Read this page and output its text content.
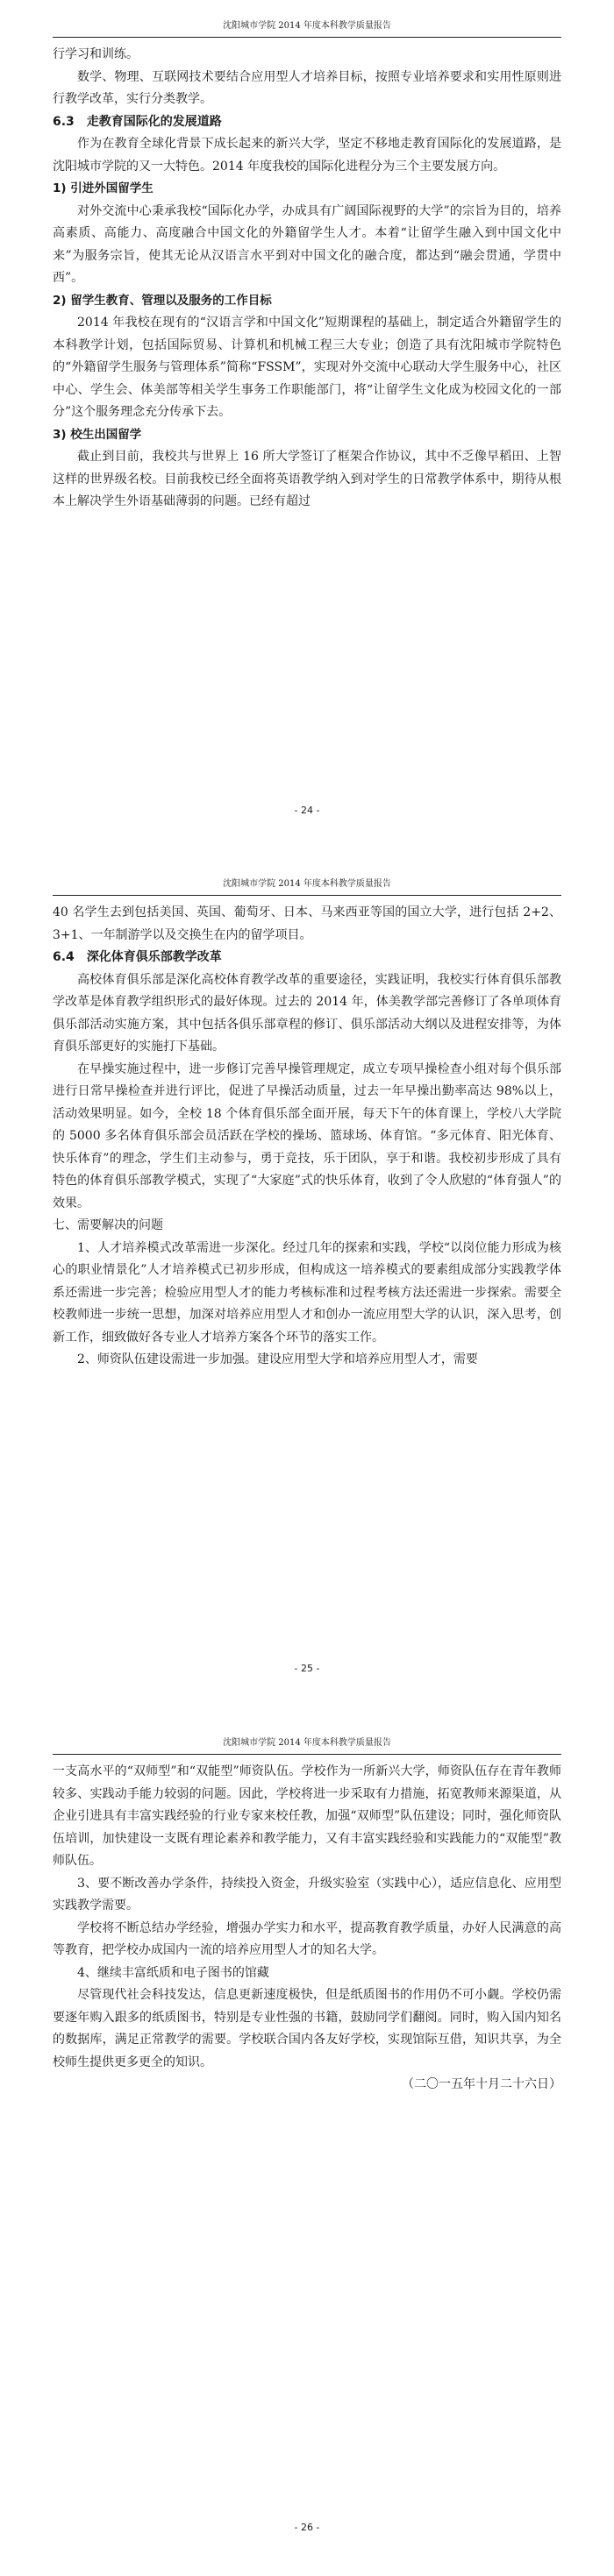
沈阳城市学院 2014 年度本科教学质量报告

行学习和训练。

数学、物理、互联网技术要结合应用型人才培养目标，按照专业培养要求和实用性原则进行教学改革，实行分类教学。

6.3 走教育国际化的发展道路

作为在教育全球化背景下成长起来的新兴大学，坚定不移地走教育国际化的发展道路，是沈阳城市学院的又一大特色。2014 年度我校的国际化进程分为三个主要发展方向。

1) 引进外国留学生

对外交流中心秉承我校“国际化办学，办成具有广阔国际视野的大学”的宗旨为目的，培养高素质、高能力、高度融合中国文化的外籍留学生人才。本着“让留学生融入到中国文化中来”为服务宗旨，使其无论从汉语言水平到对中国文化的融合度，都达到“融会贯通，学贯中西”。

2) 留学生教育、管理以及服务的工作目标

2014 年我校在现有的“汉语言学和中国文化”短期课程的基础上，制定适合外籍留学生的本科教学计划，包括国际贸易、计算机和机械工程三大专业；创造了具有沈阳城市学院特色的“外籍留学生服务与管理体系”简称“FSSM”，实现对外交流中心联动大学生服务中心，社区中心、学生会、体美部等相关学生事务工作职能部门，将“让留学生文化成为校园文化的一部分”这个服务理念充分传承下去。

3) 校生出国留学

截止到目前，我校共与世界上 16 所大学签订了框架合作协议，其中不乏像早稻田、上智这样的世界级名校。目前我校已经全面将英语教学纳入到对学生的日常教学体系中，期待从根本上解决学生外语基础薄弱的问题。已经有超过

- 24 -
沈阳城市学院 2014 年度本科教学质量报告

40 名学生去到包括美国、英国、葡萄牙、日本、马来西亚等国的国立大学，进行包括 2+2、3+1、一年制游学以及交换生在内的留学项目。

6.4 深化体育俱乐部教学改革

高校体育俱乐部是深化高校体育教学改革的重要途径，实践证明，我校实行体育俱乐部教学改革是体育教学组织形式的最好体现。过去的 2014 年，体美教学部完善修订了各单项体育俱乐部活动实施方案，其中包括各俱乐部章程的修订、俱乐部活动大纲以及进程安排等，为体育俱乐部更好的实施打下基础。

在早操实施过程中，进一步修订完善早操管理规定，成立专项早操检查小组对每个俱乐部进行日常早操检查并进行评比，促进了早操活动质量，过去一年早操出勤率高达 98%以上，活动效果明显。如今，全校 18 个体育俱乐部全面开展，每天下午的体育课上，学校八大学院的 5000 多名体育俱乐部会员活跃在学校的操场、篮球场、体育馆。“多元体育、阳光体育、快乐体育”的理念，学生们主动参与，勇于竞技，乐于团队，享于和谐。我校初步形成了具有特色的体育俱乐部教学模式，实现了“大家庭”式的快乐体育，收到了令人欣慰的“体育强人”的效果。

七、需要解决的问题

1、人才培养模式改革需进一步深化。经过几年的探索和实践，学校“以岗位能力形成为核心的职业情景化”人才培养模式已初步形成，但构成这一培养模式的要素组成部分实践教学体系还需进一步完善；检验应用型人才的能力考核标准和过程考核方法还需进一步探索。需要全校教师进一步统一思想，加深对培养应用型人才和创办一流应用型大学的认识，深入思考，创新工作，细致做好各专业人才培养方案各个环节的落实工作。

2、师资队伍建设需进一步加强。建设应用型大学和培养应用型人才，需要

- 25 -
沈阳城市学院 2014 年度本科教学质量报告

一支高水平的“双师型”和“双能型”师资队伍。学校作为一所新兴大学，师资队伍存在青年教师较多、实践动手能力较弱的问题。因此，学校将进一步采取有力措施，拓宽教师来源渠道，从企业引进具有丰富实践经验的行业专家来校任教，加强“双师型”队伍建设；同时，强化师资队伍培训，加快建设一支既有理论素养和教学能力，又有丰富实践经验和实践能力的“双能型”教师队伍。

3、要不断改善办学条件，持续投入资金，升级实验室（实践中心），适应信息化、应用型实践教学需要。

学校将不断总结办学经验，增强办学实力和水平，提高教育教学质量，办好人民满意的高等教育，把学校办成国内一流的培养应用型人才的知名大学。

4、继续丰富纸质和电子图书的馆藏

尽管现代社会科技发达，信息更新速度极快，但是纸质图书的作用仍不可小觑。学校仍需要逐年购入跟多的纸质图书，特别是专业性强的书籍，鼓励同学们翻阅。同时，购入国内知名的数据库，满足正常教学的需要。学校联合国内各友好学校，实现馆际互借，知识共享，为全校师生提供更多更全的知识。

（二〇一五年十月二十六日）

- 26 -
